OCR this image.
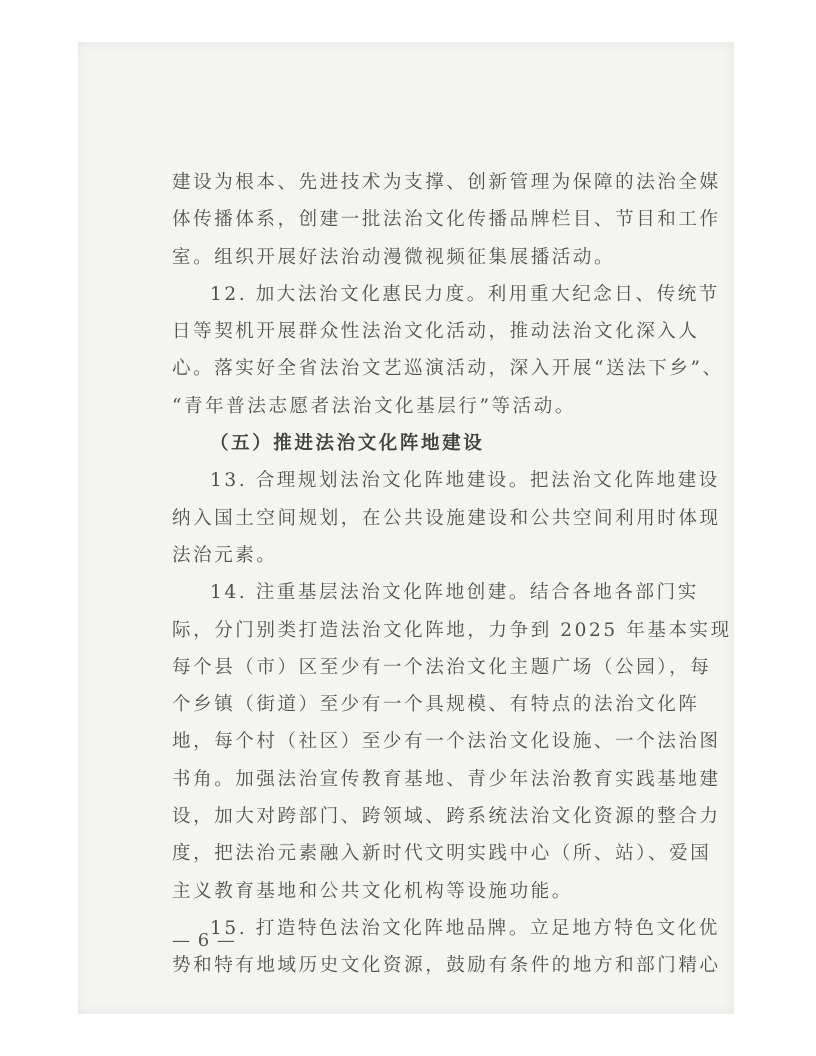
建设为根本、先进技术为支撑、创新管理为保障的法治全媒

体传播体系，创建一批法治文化传播品牌栏目、节目和工作

室。组织开展好法治动漫微视频征集展播活动。

12. 加大法治文化惠民力度。利用重大纪念日、传统节

日等契机开展群众性法治文化活动，推动法治文化深入人

心。落实好全省法治文艺巡演活动，深入开展“送法下乡”、

“青年普法志愿者法治文化基层行”等活动。

（五）推进法治文化阵地建设

13. 合理规划法治文化阵地建设。把法治文化阵地建设

纳入国土空间规划，在公共设施建设和公共空间利用时体现

法治元素。

14. 注重基层法治文化阵地创建。结合各地各部门实

际，分门别类打造法治文化阵地，力争到 2025 年基本实现

每个县（市）区至少有一个法治文化主题广场（公园），每

个乡镇（街道）至少有一个具规模、有特点的法治文化阵

地，每个村（社区）至少有一个法治文化设施、一个法治图

书角。加强法治宣传教育基地、青少年法治教育实践基地建

设，加大对跨部门、跨领域、跨系统法治文化资源的整合力

度，把法治元素融入新时代文明实践中心（所、站）、爱国

主义教育基地和公共文化机构等设施功能。

15. 打造特色法治文化阵地品牌。立足地方特色文化优

势和特有地域历史文化资源，鼓励有条件的地方和部门精心

— 6 —
